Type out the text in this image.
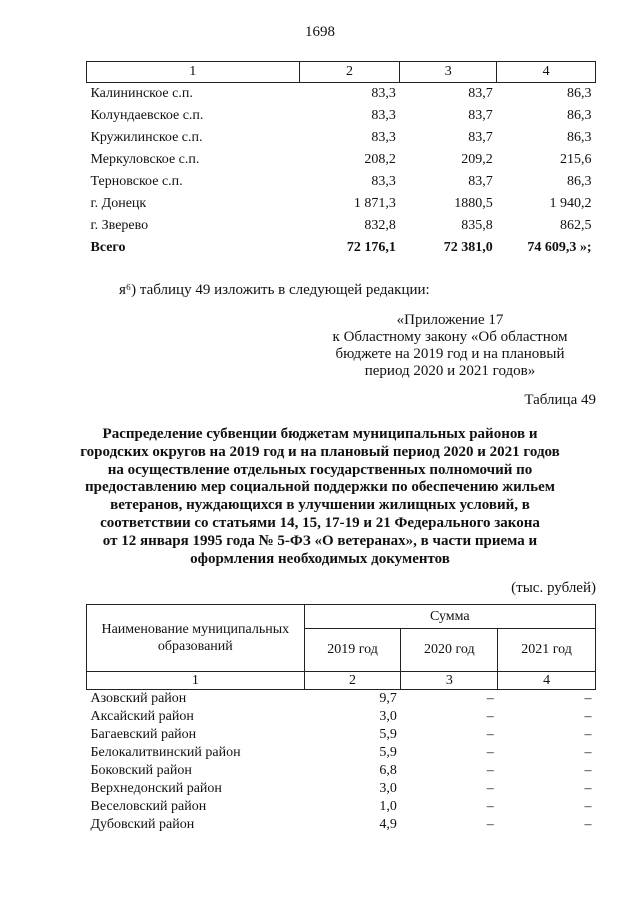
1698
1	2	3	4
Калининское с.п.	83,3	83,7	86,3
Колундаевское с.п.	83,3	83,7	86,3
Кружилинское с.п.	83,3	83,7	86,3
Меркуловское с.п.	208,2	209,2	215,6
Терновское с.п.	83,3	83,7	86,3
г. Донецк	1 871,3	1880,5	1 940,2
г. Зверево	832,8	835,8	862,5
Всего	72 176,1	72 381,0	74 609,3 »;
я⁶) таблицу 49 изложить в следующей редакции:
«Приложение 17
к Областному закону «Об областном
бюджете на 2019 год и на плановый
период 2020 и 2021 годов»
Таблица 49
Распределение субвенции бюджетам муниципальных районов и
городских округов на 2019 год и на плановый период 2020 и 2021 годов
на осуществление отдельных государственных полномочий по
предоставлению мер социальной поддержки по обеспечению жильем
ветеранов, нуждающихся в улучшении жилищных условий, в
соответствии со статьями 14, 15, 17-19 и 21 Федерального закона
от 12 января 1995 года № 5-ФЗ «О ветеранах», в части приема и
оформления необходимых документов
(тыс. рублей)
Наименование муниципальных образований	Сумма		
	2019 год	2020 год	2021 год
1	2	3	4
Азовский район	9,7	–	–
Аксайский район	3,0	–	–
Багаевский район	5,9	–	–
Белокалитвинский район	5,9	–	–
Боковский район	6,8	–	–
Верхнедонский район	3,0	–	–
Веселовский район	1,0	–	–
Дубовский район	4,9	–	–
